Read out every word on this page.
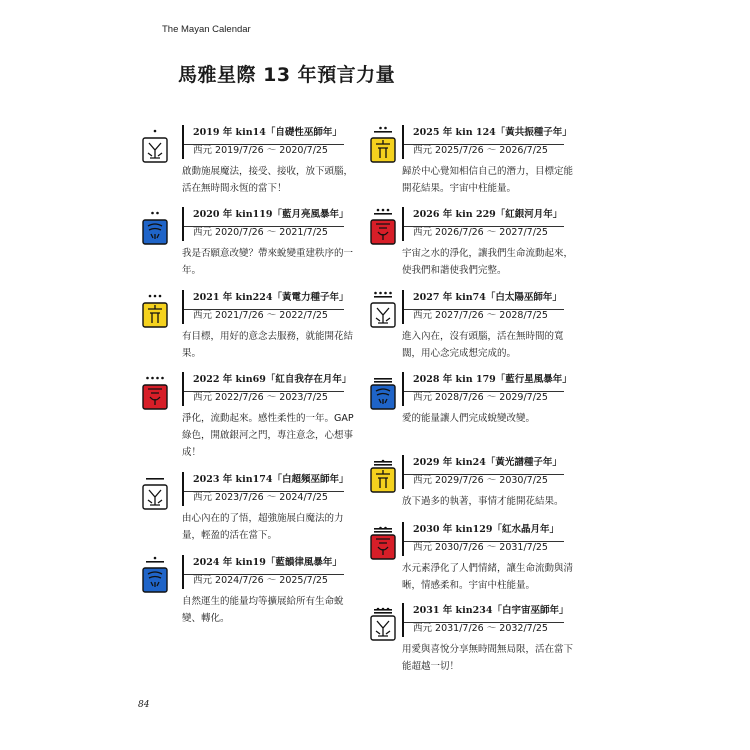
The Mayan Calendar
馬雅星際 13 年預言力量
2019 年 kin14「自礎性巫師年」
西元 2019/7/26 ～ 2020/7/25
啟動施展魔法，接受、接收，放下頭腦，活在無時間永恆的當下！
2020 年 kin119「藍月亮風暴年」
西元 2020/7/26 ～ 2021/7/25
我是否願意改變？帶來蛻變重建秩序的一年。
2021 年 kin224「黃電力種子年」
西元 2021/7/26 ～ 2022/7/25
有目標，用好的意念去服務，就能開花結果。
2022 年 kin69「紅自我存在月年」
西元 2022/7/26 ～ 2023/7/25
淨化，流動起來。感性柔性的一年。GAP 綠色，開啟銀河之門，專注意念，心想事成！
2023 年 kin174「白超頻巫師年」
西元 2023/7/26 ～ 2024/7/25
由心內在的了悟，超強施展白魔法的力量，輕盈的活在當下。
2024 年 kin19「藍韻律風暴年」
西元 2024/7/26 ～ 2025/7/25
自然運生的能量均等擴展給所有生命蛻變、轉化。
2025 年 kin 124「黃共振種子年」
西元 2025/7/26 ～ 2026/7/25
歸於中心覺知相信自己的潛力，目標定能開花結果。宇宙中柱能量。
2026 年 kin 229「紅銀河月年」
西元 2026/7/26 ～ 2027/7/25
宇宙之水的淨化，讓我們生命流動起來，使我們和諧使我們完整。
2027 年 kin74「白太陽巫師年」
西元 2027/7/26 ～ 2028/7/25
進入內在，沒有頭腦，活在無時間的寬闊，用心念完成想完成的。
2028 年 kin 179「藍行星風暴年」
西元 2028/7/26 ～ 2029/7/25
愛的能量讓人們完成蛻變改變。
2029 年 kin24「黃光譜種子年」
西元 2029/7/26 ～ 2030/7/25
放下過多的執著，事情才能開花結果。
2030 年 kin129「紅水晶月年」
西元 2030/7/26 ～ 2031/7/25
水元素淨化了人們情緒，讓生命流動與清晰，情感柔和。宇宙中柱能量。
2031 年 kin234「白宇宙巫師年」
西元 2031/7/26 ～ 2032/7/25
用愛與喜悅分享無時間無局限，活在當下能超越一切！
84
